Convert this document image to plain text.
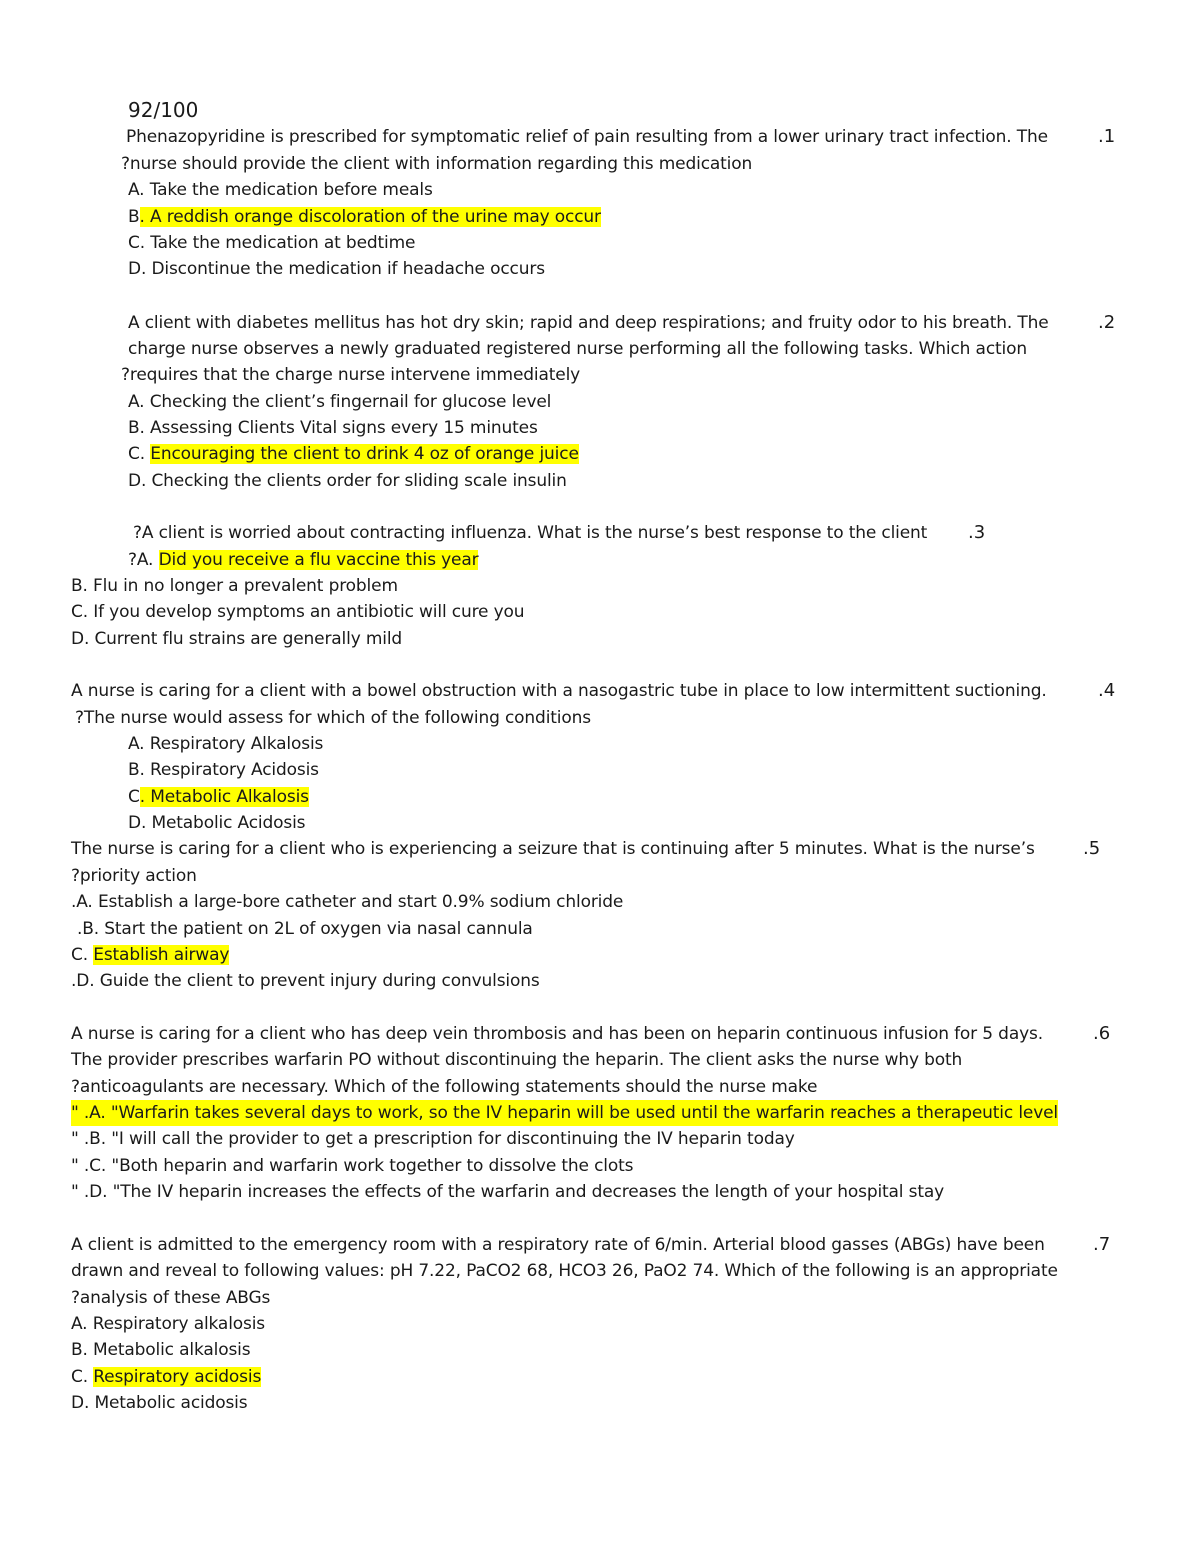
92/100
.1
Phenazopyridine is prescribed for symptomatic relief of pain resulting from a lower urinary tract infection. The
?nurse should provide the client with information regarding this medication
A. Take the medication before meals
B. A reddish orange discoloration of the urine may occur
C. Take the medication at bedtime
D. Discontinue the medication if headache occurs
.2
A client with diabetes mellitus has hot dry skin; rapid and deep respirations; and fruity odor to his breath. The
charge nurse observes a newly graduated registered nurse performing all the following tasks. Which action
?requires that the charge nurse intervene immediately
A. Checking the client’s fingernail for glucose level
B. Assessing Clients Vital signs every 15 minutes
C. Encouraging the client to drink 4 oz of orange juice
D. Checking the clients order for sliding scale insulin
.3
?A client is worried about contracting influenza. What is the nurse’s best response to the client
?A. Did you receive a flu vaccine this year
B. Flu in no longer a prevalent problem
C. If you develop symptoms an antibiotic will cure you
D. Current flu strains are generally mild
.4
A nurse is caring for a client with a bowel obstruction with a nasogastric tube in place to low intermittent suctioning.
?The nurse would assess for which of the following conditions
A. Respiratory Alkalosis
B. Respiratory Acidosis
C. Metabolic Alkalosis
D. Metabolic Acidosis
.5
The nurse is caring for a client who is experiencing a seizure that is continuing after 5 minutes. What is the nurse’s
?priority action
.A. Establish a large-bore catheter and start 0.9% sodium chloride
.B. Start the patient on 2L of oxygen via nasal cannula
C. Establish airway
.D. Guide the client to prevent injury during convulsions
.6
A nurse is caring for a client who has deep vein thrombosis and has been on heparin continuous infusion for 5 days.
The provider prescribes warfarin PO without discontinuing the heparin. The client asks the nurse why both
?anticoagulants are necessary. Which of the following statements should the nurse make
" .A. "Warfarin takes several days to work, so the IV heparin will be used until the warfarin reaches a therapeutic level
" .B. "I will call the provider to get a prescription for discontinuing the IV heparin today
" .C. "Both heparin and warfarin work together to dissolve the clots
" .D. "The IV heparin increases the effects of the warfarin and decreases the length of your hospital stay
.7
A client is admitted to the emergency room with a respiratory rate of 6/min. Arterial blood gasses (ABGs) have been
drawn and reveal to following values: pH 7.22, PaCO2 68, HCO3 26, PaO2 74. Which of the following is an appropriate
?analysis of these ABGs
A. Respiratory alkalosis
B. Metabolic alkalosis
C. Respiratory acidosis
D. Metabolic acidosis
